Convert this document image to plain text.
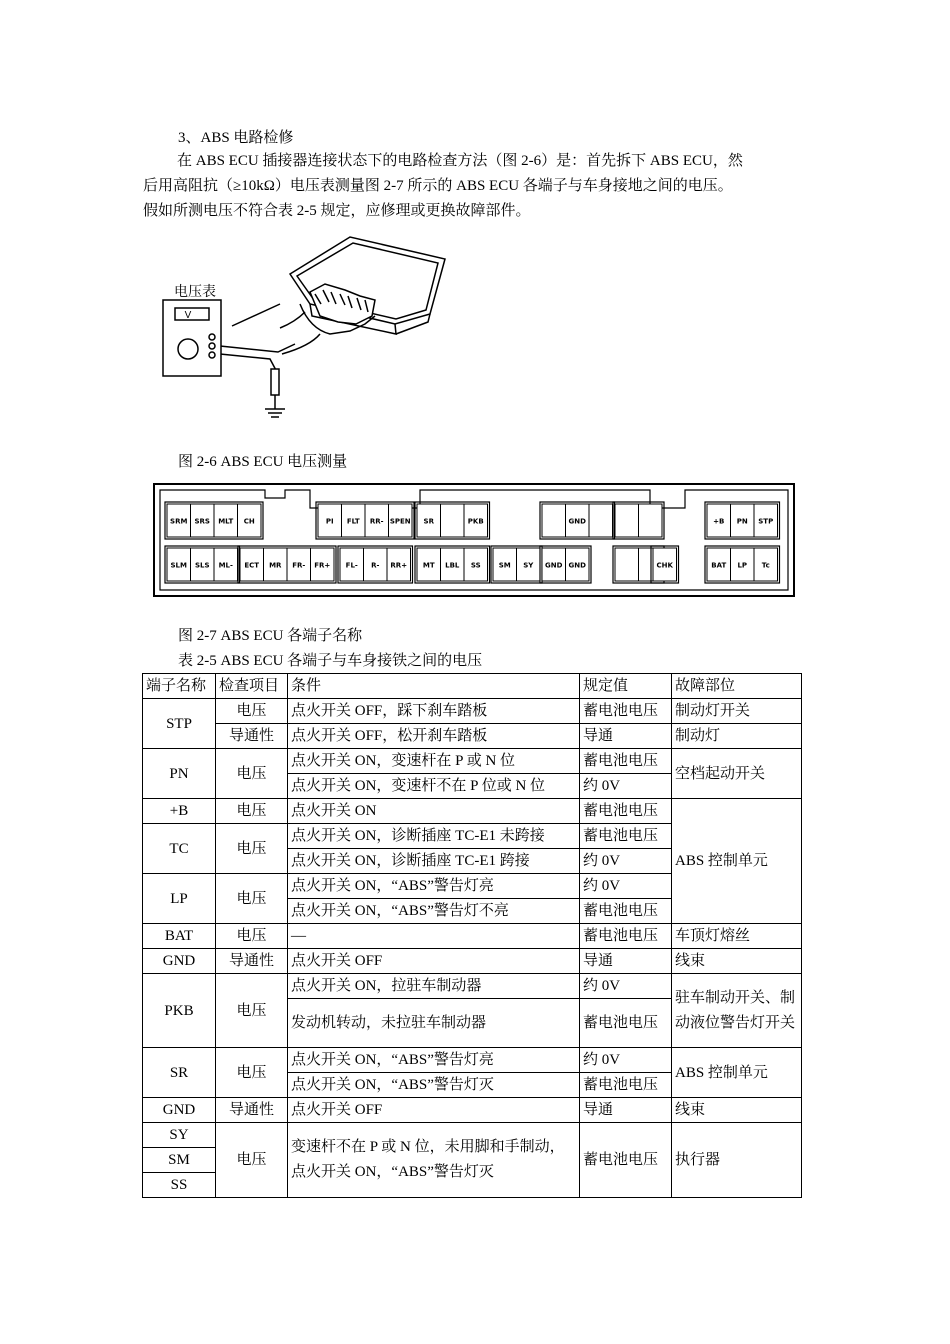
3、ABS 电路检修
在 ABS ECU 插接器连接状态下的电路检查方法（图 2-6）是：首先拆下 ABS ECU，然
后用高阻抗（≥10kΩ）电压表测量图 2-7 所示的 ABS ECU 各端子与车身接地之间的电压。
假如所测电压不符合表 2-5 规定，应修理或更换故障部件。
电压表
V
图 2-6 ABS ECU 电压测量
SRM SRS MLT CH	PI FLT RR- SPEN SR	PKB	GND	+B PN STP
SLM SLS ML- ECT MR FR- FR+ FL- R- RR+ MT LBL SS	SM SY GND GND	CHK	BAT LP Tc
图 2-7 ABS ECU 各端子名称
表 2-5 ABS ECU 各端子与车身接铁之间的电压
端子名称	检查项目	条件	规定值	故障部位
STP	电压	点火开关 OFF，踩下刹车踏板	蓄电池电压	制动灯开关
	导通性	点火开关 OFF，松开刹车踏板	导通	制动灯
PN	电压	点火开关 ON，变速杆在 P 或 N 位	蓄电池电压	空档起动开关
		点火开关 ON，变速杆不在 P 位或 N 位	约 0V	
+B	电压	点火开关 ON	蓄电池电压	ABS 控制单元
TC	电压	点火开关 ON，诊断插座 TC-E1 未跨接	蓄电池电压	
		点火开关 ON，诊断插座 TC-E1 跨接	约 0V	
LP	电压	点火开关 ON，“ABS”警告灯亮	约 0V	
		点火开关 ON，“ABS”警告灯不亮	蓄电池电压	
BAT	电压	—	蓄电池电压	车顶灯熔丝
GND	导通性	点火开关 OFF	导通	线束
PKB	电压	点火开关 ON，拉驻车制动器	约 0V	驻车制动开关、制动液位警告灯开关
		发动机转动，未拉驻车制动器	蓄电池电压	
SR	电压	点火开关 ON，“ABS”警告灯亮	约 0V	ABS 控制单元
		点火开关 ON，“ABS”警告灯灭	蓄电池电压	
GND	导通性	点火开关 OFF	导通	线束
SY	电压	变速杆不在 P 或 N 位，未用脚和手制动，点火开关 ON，“ABS”警告灯灭	蓄电池电压	执行器
SM				
SS				
